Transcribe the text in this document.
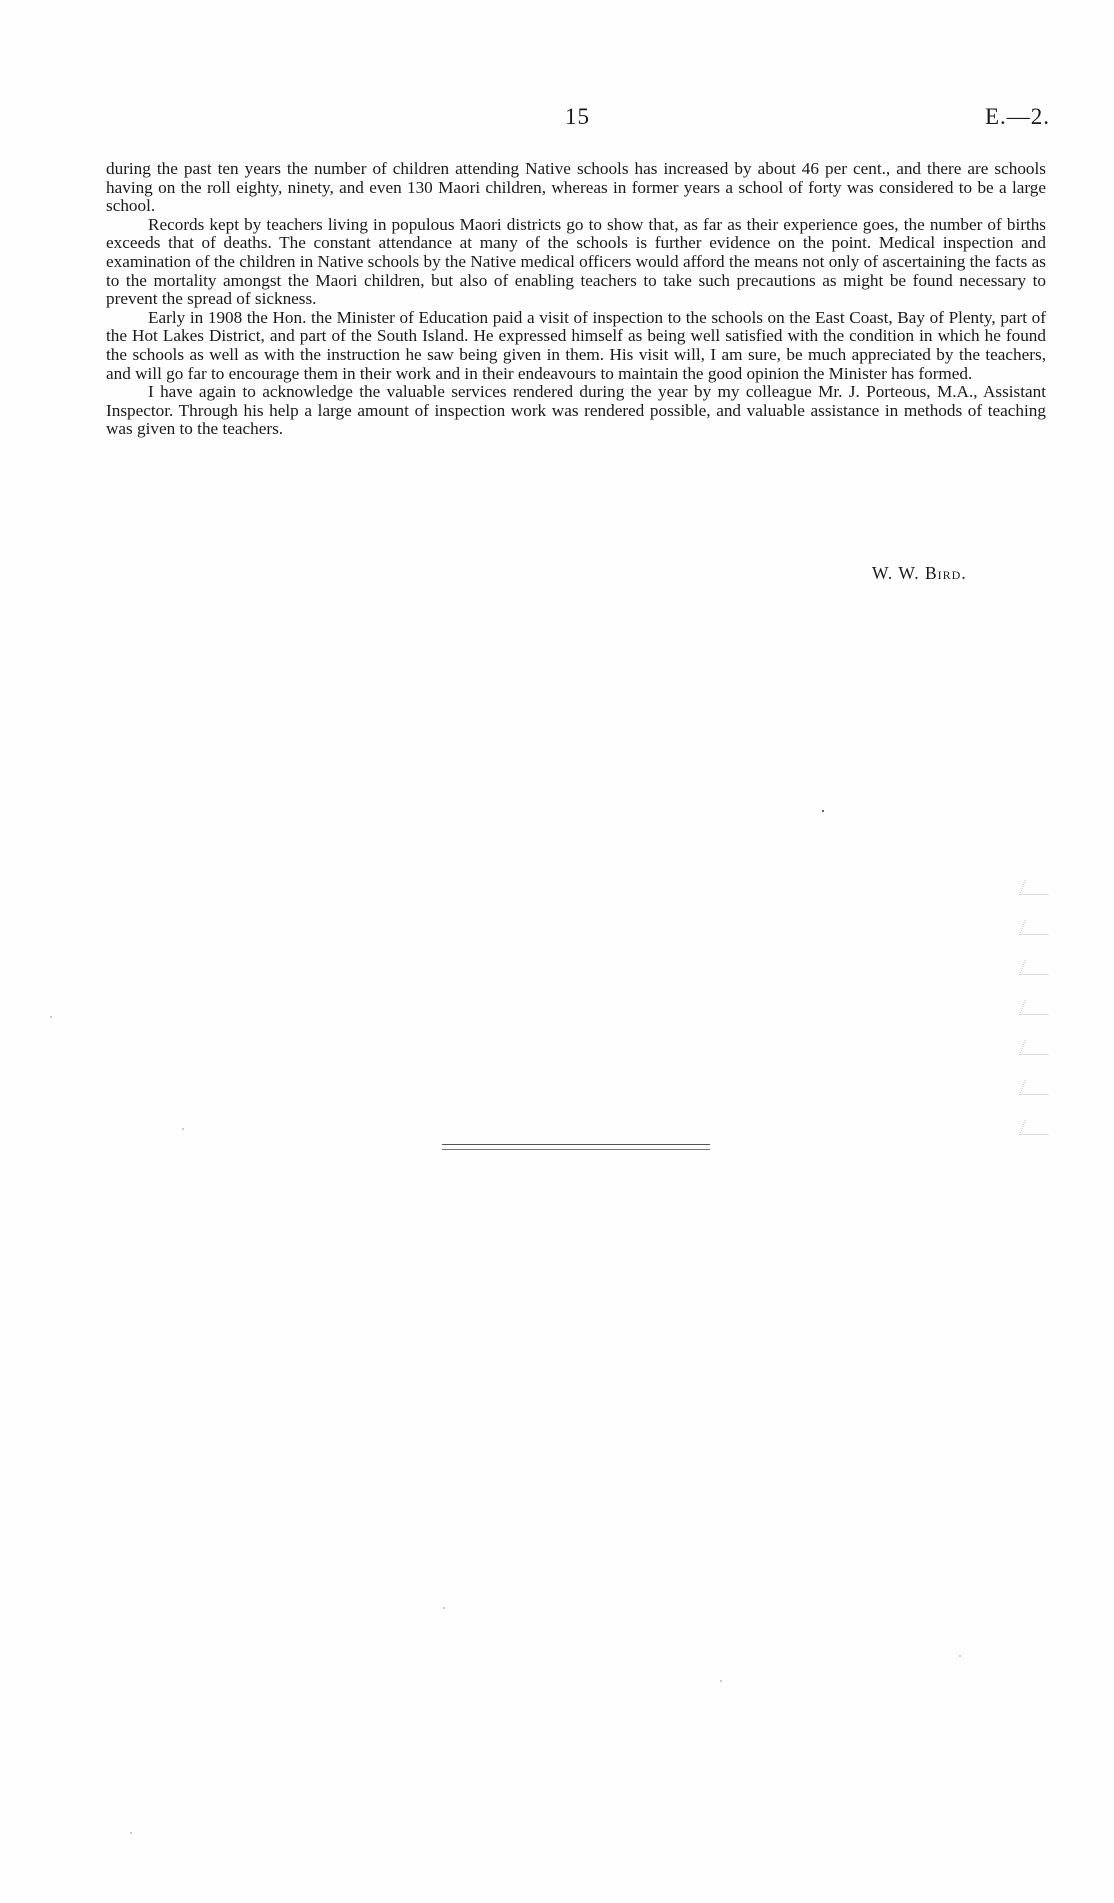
15	E.—2.

during the past ten years the number of children attending Native schools has increased by about 46 per cent., and there are schools having on the roll eighty, ninety, and even 130 Maori children, whereas in former years a school of forty was considered to be a large school.

Records kept by teachers living in populous Maori districts go to show that, as far as their experience goes, the number of births exceeds that of deaths. The constant attendance at many of the schools is further evidence on the point. Medical inspection and examination of the children in Native schools by the Native medical officers would afford the means not only of ascertaining the facts as to the mortality amongst the Maori children, but also of enabling teachers to take such precautions as might be found necessary to prevent the spread of sickness.

Early in 1908 the Hon. the Minister of Education paid a visit of inspection to the schools on the East Coast, Bay of Plenty, part of the Hot Lakes District, and part of the South Island. He expressed himself as being well satisfied with the condition in which he found the schools as well as with the instruction he saw being given in them. His visit will, I am sure, be much appreciated by the teachers, and will go far to encourage them in their work and in their endeavours to maintain the good opinion the Minister has formed.

I have again to acknowledge the valuable services rendered during the year by my colleague Mr. J. Porteous, M.A., Assistant Inspector. Through his help a large amount of inspection work was rendered possible, and valuable assistance in methods of teaching was given to the teachers.

W. W. Bird.
